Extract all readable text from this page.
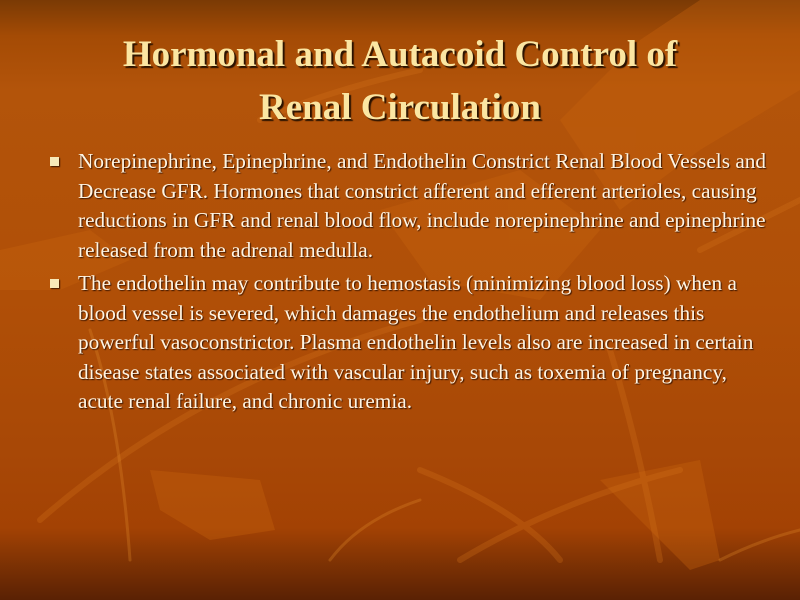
Hormonal and Autacoid Control of
Renal Circulation
Norepinephrine, Epinephrine, and Endothelin Constrict Renal Blood Vessels and Decrease GFR. Hormones that constrict afferent and efferent arterioles, causing reductions in GFR and renal blood flow, include norepinephrine and epinephrine released from the adrenal medulla.
The endothelin may contribute to hemostasis (minimizing blood loss) when a blood vessel is severed, which damages the endothelium and releases this powerful vasoconstrictor. Plasma endothelin levels also are increased in certain disease states associated with vascular injury, such as toxemia of pregnancy, acute renal failure, and chronic uremia.
